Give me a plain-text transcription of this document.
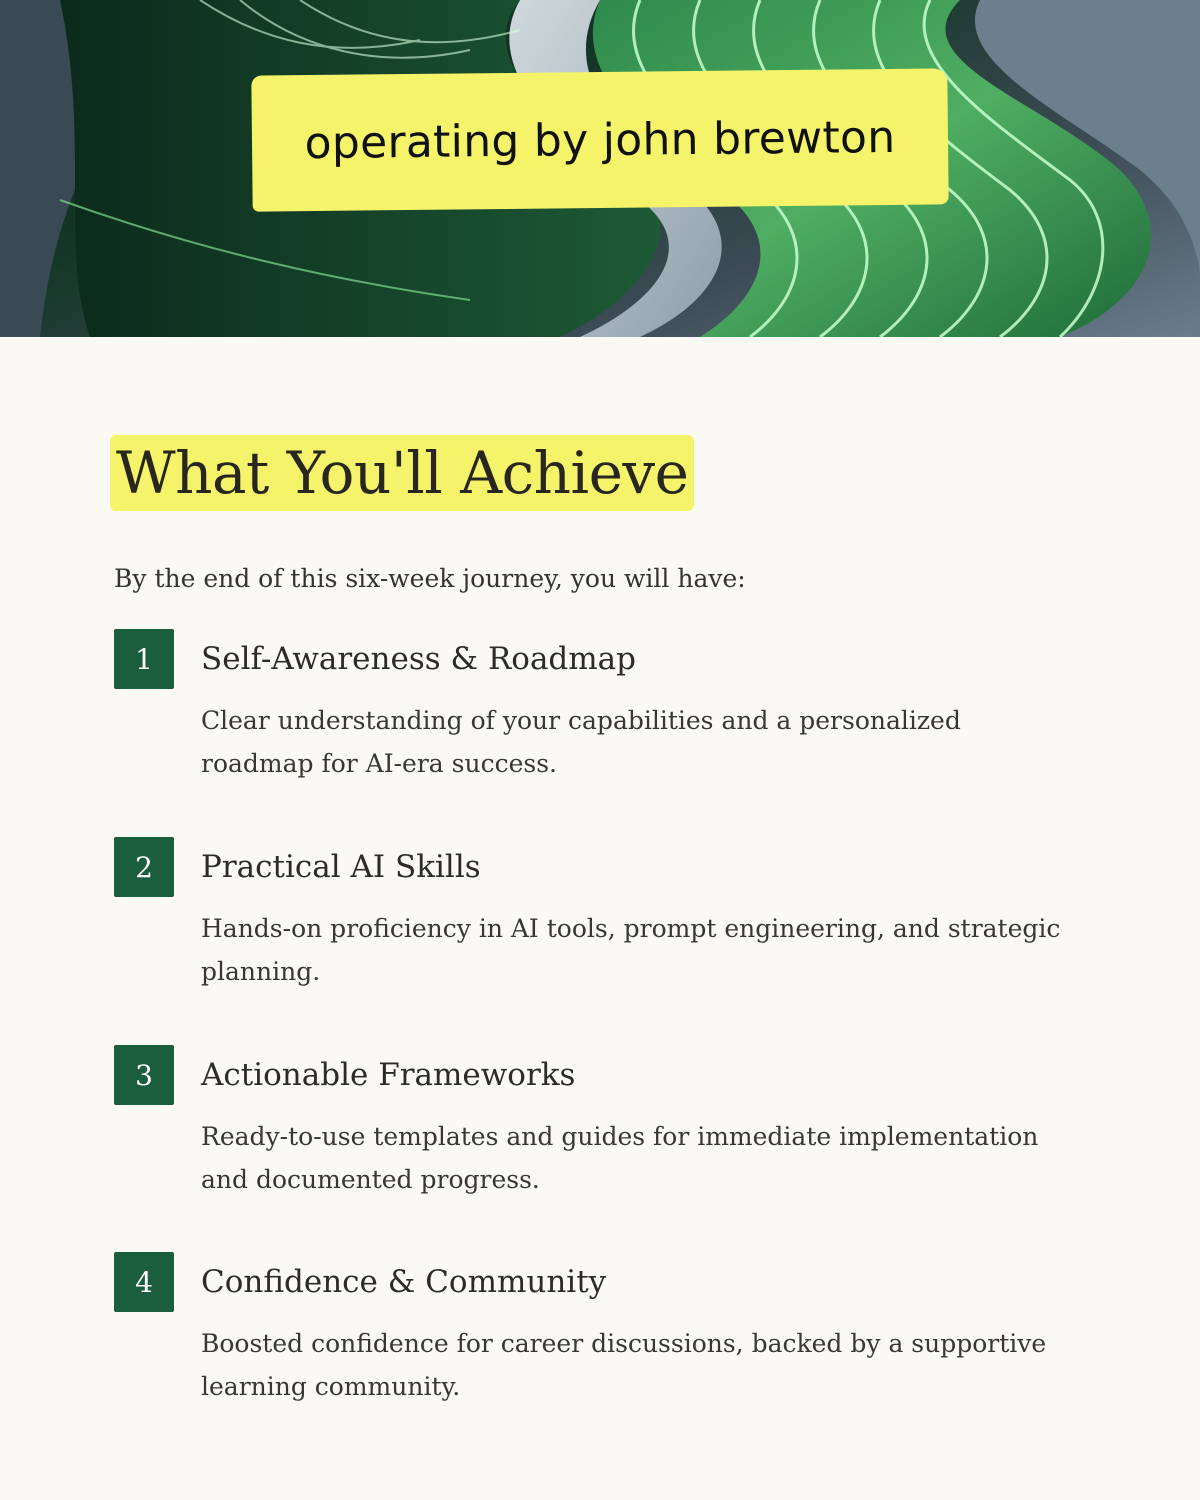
operating by john brewton
What You'll Achieve

By the end of this six-week journey, you will have:

1	Self-Awareness & Roadmap

Clear understanding of your capabilities and a personalized roadmap for AI-era success.

2	Practical AI Skills

Hands-on proficiency in AI tools, prompt engineering, and strategic planning.

3	Actionable Frameworks

Ready-to-use templates and guides for immediate implementation and documented progress.

4	Confidence & Community

Boosted confidence for career discussions, backed by a supportive learning community.
